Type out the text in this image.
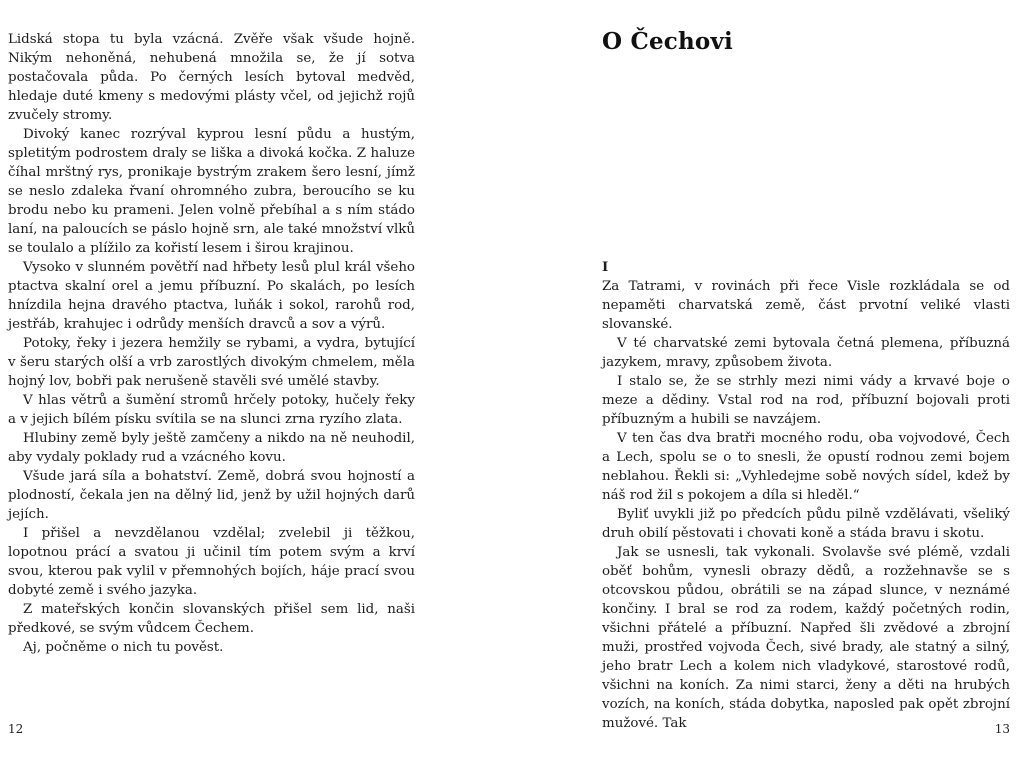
Lidská stopa tu byla vzácná. Zvěře však všude hojně. Nikým nehoněná, nehubená množila se, že jí sotva postačovala půda. Po černých lesích bytoval medvěd, hledaje duté kmeny s medovými plásty včel, od jejichž rojů zvučely stromy.

Divoký kanec rozrýval kyprou lesní půdu a hustým, spletitým podrostem draly se liška a divoká kočka. Z haluze číhal mrštný rys, pronikaje bystrým zrakem šero lesní, jímž se neslo zdaleka řvaní ohromného zubra, beroucího se ku brodu nebo ku prameni. Jelen volně přebíhal a s ním stádo laní, na paloucích se páslo hojně srn, ale také množství vlků se toulalo a plížilo za kořistí lesem i širou krajinou.

Vysoko v slunném povětří nad hřbety lesů plul král všeho ptactva skalní orel a jemu příbuzní. Po skalách, po lesích hnízdila hejna dravého ptactva, luňák i sokol, rarohů rod, jestřáb, krahujec i odrůdy menších dravců a sov a výrů.

Potoky, řeky i jezera hemžily se rybami, a vydra, bytující v šeru starých olší a vrb zarostlých divokým chmelem, měla hojný lov, bobři pak nerušeně stavěli své umělé stavby.

V hlas větrů a šumění stromů hrčely potoky, hučely řeky a v jejich bílém písku svítila se na slunci zrna ryzího zlata.

Hlubiny země byly ještě zamčeny a nikdo na ně neuhodil, aby vydaly poklady rud a vzácného kovu.

Všude jará síla a bohatství. Země, dobrá svou hojností a plodností, čekala jen na dělný lid, jenž by užil hojných darů jejích.

I přišel a nevzdělanou vzdělal; zvelebil ji těžkou, lopotnou prácí a svatou ji učinil tím potem svým a krví svou, kterou pak vylil v přemnohých bojích, háje prací svou dobyté země i svého jazyka.

Z mateřských končin slovanských přišel sem lid, naši předkové, se svým vůdcem Čechem.

Aj, počněme o nich tu pověst.

12
O Čechovi
I

Za Tatrami, v rovinách při řece Visle rozkládala se od nepaměti charvatská země, část prvotní veliké vlasti slovanské.

V té charvatské zemi bytovala četná plemena, příbuzná jazykem, mravy, způsobem života.

I stalo se, že se strhly mezi nimi vády a krvavé boje o meze a dědiny. Vstal rod na rod, příbuzní bojovali proti příbuzným a hubili se navzájem.

V ten čas dva bratři mocného rodu, oba vojvodové, Čech a Lech, spolu se o to snesli, že opustí rodnou zemi bojem neblahou. Řekli si: „Vyhledejme sobě nových sídel, kdež by náš rod žil s pokojem a díla si hleděl.“

Byliť uvykli již po předcích půdu pilně vzdělávati, všeliký druh obilí pěstovati i chovati koně a stáda bravu i skotu.

Jak se usnesli, tak vykonali. Svolavše své plémě, vzdali oběť bohům, vynesli obrazy dědů, a rozžehnavše se s otcovskou půdou, obrátili se na západ slunce, v neznámé končiny. I bral se rod za rodem, každý početných rodin, všichni přátelé a příbuzní. Napřed šli zvědové a zbrojní muži, prostřed vojvoda Čech, sivé brady, ale statný a silný, jeho bratr Lech a kolem nich vladykové, starostové rodů, všichni na koních. Za nimi starci, ženy a děti na hrubých vozích, na koních, stáda dobytka, naposled pak opět zbrojní mužové. Tak	13
